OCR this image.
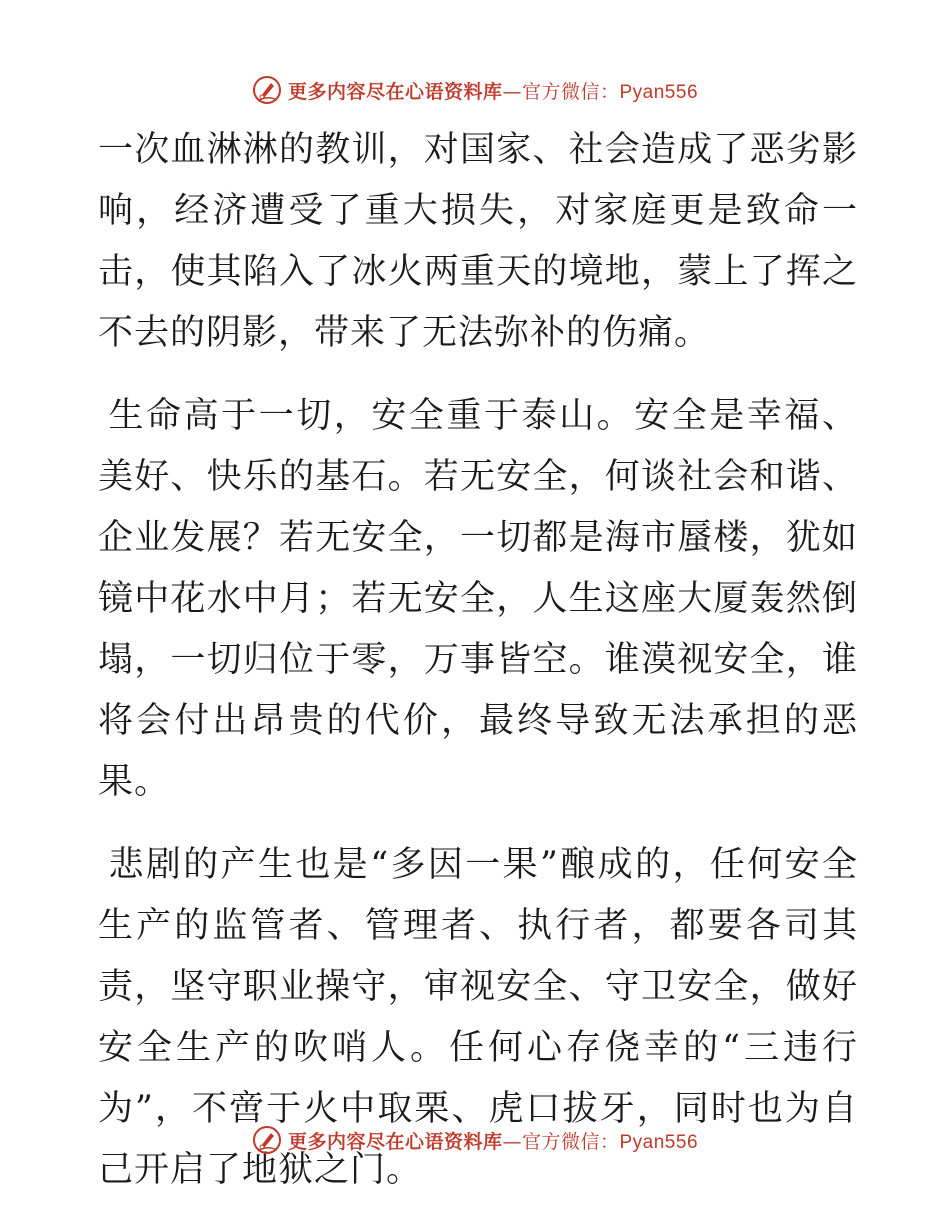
更多内容尽在心语资料库—官方微信：Pyan556

一次血淋淋的教训，对国家、社会造成了恶劣影响，经济遭受了重大损失，对家庭更是致命一击，使其陷入了冰火两重天的境地，蒙上了挥之不去的阴影，带来了无法弥补的伤痛。

生命高于一切，安全重于泰山。安全是幸福、美好、快乐的基石。若无安全，何谈社会和谐、企业发展？若无安全，一切都是海市蜃楼，犹如镜中花水中月；若无安全，人生这座大厦轰然倒塌，一切归位于零，万事皆空。谁漠视安全，谁将会付出昂贵的代价，最终导致无法承担的恶果。

悲剧的产生也是“多因一果”酿成的，任何安全生产的监管者、管理者、执行者，都要各司其责，坚守职业操守，审视安全、守卫安全，做好安全生产的吹哨人。任何心存侥幸的“三违行为”，不啻于火中取栗、虎口拔牙，同时也为自己开启了地狱之门。

更多内容尽在心语资料库—官方微信：Pyan556
